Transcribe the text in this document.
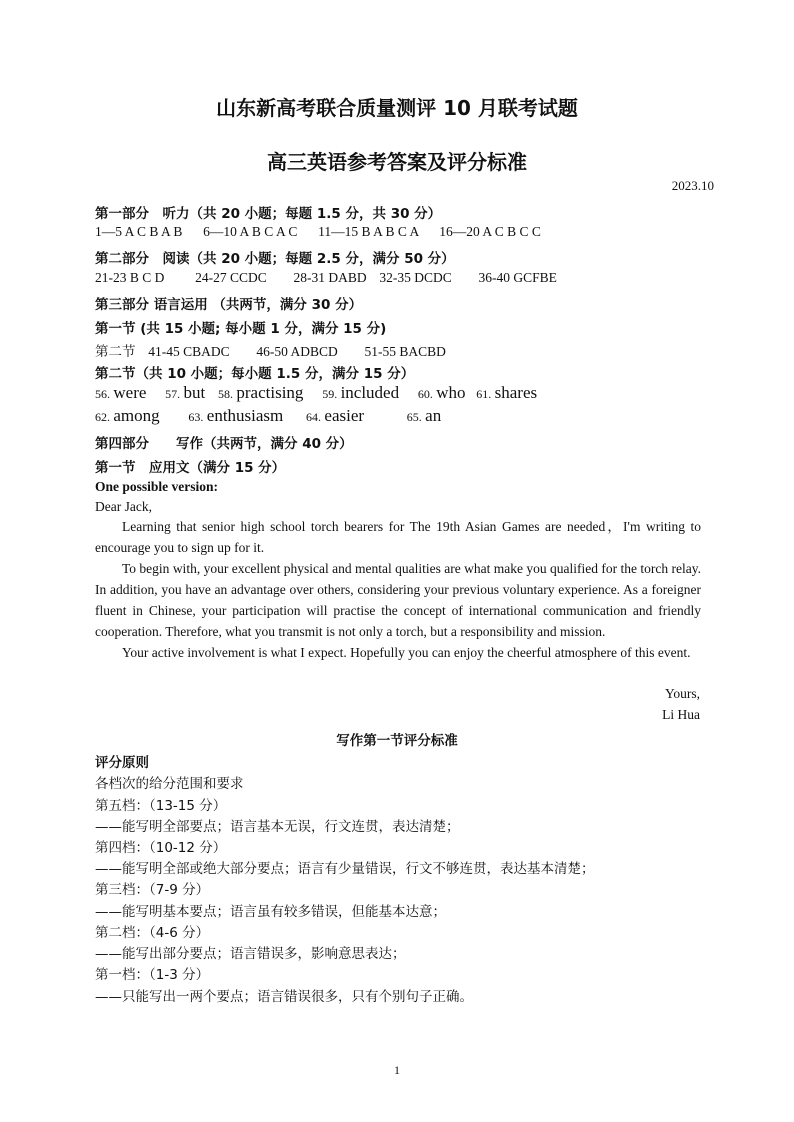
山东新高考联合质量测评 10 月联考试题
高三英语参考答案及评分标准
2023.10
第一部分　听力（共 20 小题；每题 1.5 分，共 30 分）
1—5 A C B A B 6—10 A B C A C 11—15 B A B C A 16—20 A C B C C
第二部分　阅读（共 20 小题；每题 2.5 分，满分 50 分）
21-23 B C D 24-27 CCDC 28-31 DABD 32-35 DCDC 36-40 GCFBE
第三部分 语言运用 （共两节，满分 30 分）
第一节 (共 15 小题; 每小题 1 分，满分 15 分)
第二节 41-45 CBADC 46-50 ADBCD 51-55 BACBD
第二节（共 10 小题；每小题 1.5 分，满分 15 分）
56. were 57. but 58. practising 59. included 60. who 61. shares
62. among 63. enthusiasm 64. easier	65. an
第四部分　　写作（共两节，满分 40 分）
第一节　应用文（满分 15 分）
One possible version:
Dear Jack,
Learning that senior high school torch bearers for The 19th Asian Games are needed，I'm writing to encourage you to sign up for it.
To begin with, your excellent physical and mental qualities are what make you qualified for the torch relay. In addition, you have an advantage over others, considering your previous voluntary experience. As a foreigner fluent in Chinese, your participation will practise the concept of international communication and friendly cooperation. Therefore, what you transmit is not only a torch, but a responsibility and mission.
Your active involvement is what I expect. Hopefully you can enjoy the cheerful atmosphere of this event.
Yours,
Li Hua
写作第一节评分标准
评分原则
各档次的给分范围和要求
第五档：（13-15 分）
——能写明全部要点；语言基本无误，行文连贯，表达清楚；
第四档：（10-12 分）
——能写明全部或绝大部分要点；语言有少量错误，行文不够连贯，表达基本清楚；
第三档：（7-9 分）
——能写明基本要点；语言虽有较多错误，但能基本达意；
第二档：（4-6 分）
——能写出部分要点；语言错误多，影响意思表达；
第一档：（1-3 分）
——只能写出一两个要点；语言错误很多，只有个别句子正确。
1
